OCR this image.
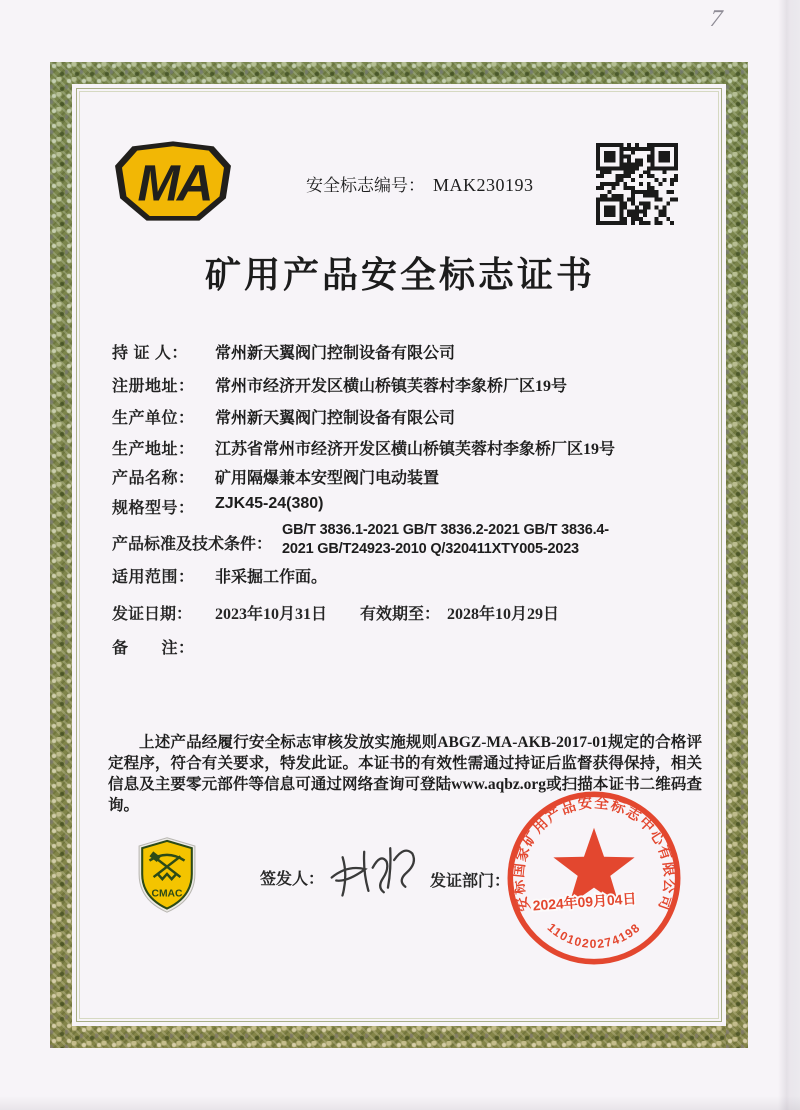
7
MA	安全标志编号： MAK230193
矿用产品安全标志证书
持 证 人：	常州新天翼阀门控制设备有限公司
注册地址：	常州市经济开发区横山桥镇芙蓉村李象桥厂区19号
生产单位：	常州新天翼阀门控制设备有限公司
生产地址：	江苏省常州市经济开发区横山桥镇芙蓉村李象桥厂区19号
产品名称：	矿用隔爆兼本安型阀门电动装置
规格型号：	ZJK45-24(380)
产品标准及技术条件：
GB/T 3836.1-2021 GB/T 3836.2-2021 GB/T 3836.4-2021 GB/T24923-2010 Q/320411XTY005-2023
适用范围：	非采掘工作面。
发证日期：	2023年10月31日	有效期至： 2028年10月29日
备　　注：
上述产品经履行安全标志审核发放实施规则ABGZ-MA-AKB-2017-01规定的合格评定程序，符合有关要求，特发此证。本证书的有效性需通过持证后监督获得保持，相关信息及主要零元部件等信息可通过网络查询可登陆www.aqbz.org或扫描本证书二维码查询。
CMAC
签发人：	发证部门：
安标国家矿用产品安全标志中心有限公司
1101020274198
2024年09月04日
